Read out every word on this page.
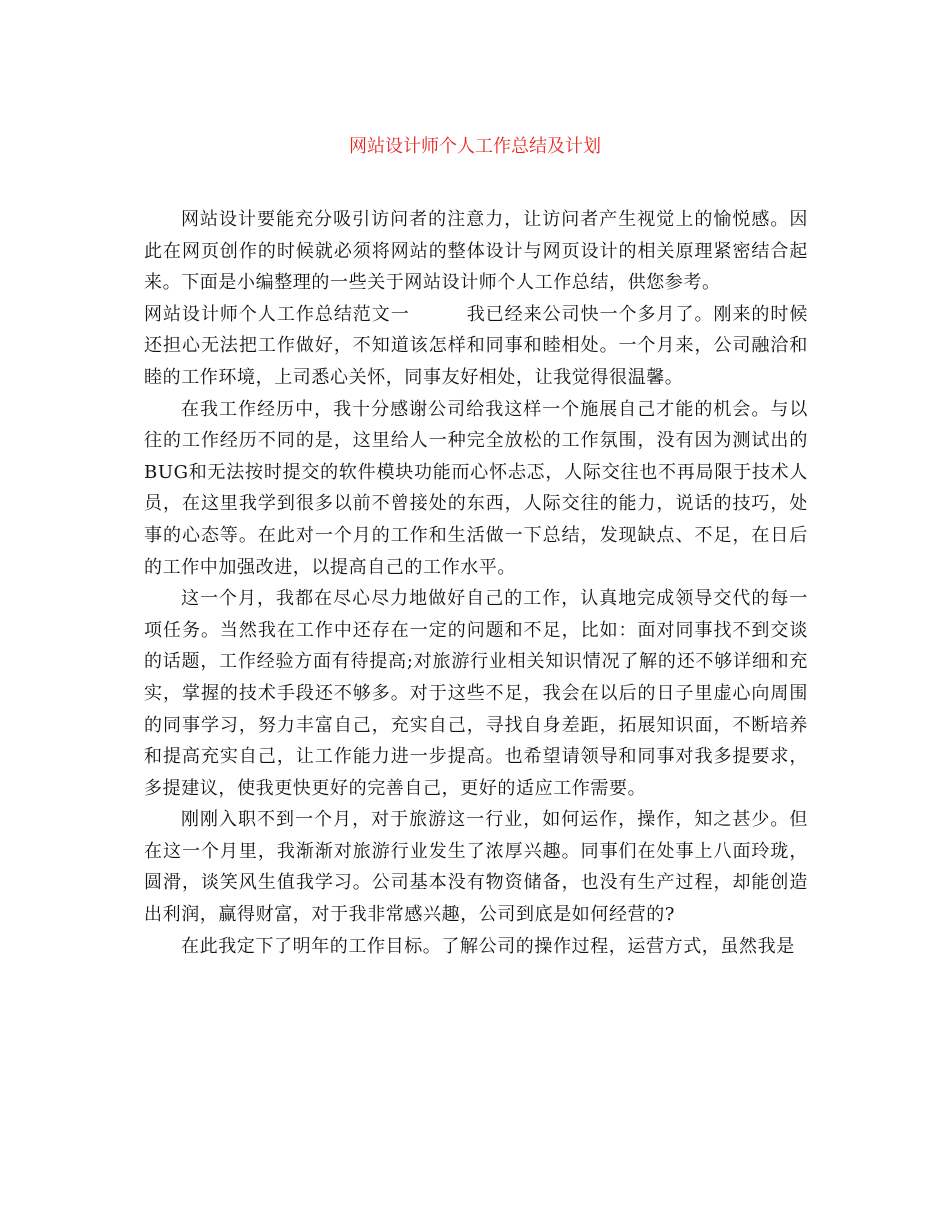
网站设计师个人工作总结及计划

网站设计要能充分吸引访问者的注意力，让访问者产生视觉上的愉悦感。因此在网页创作的时候就必须将网站的整体设计与网页设计的相关原理紧密结合起来。下面是小编整理的一些关于网站设计师个人工作总结，供您参考。

网站设计师个人工作总结范文一　　　我已经来公司快一个多月了。刚来的时候还担心无法把工作做好，不知道该怎样和同事和睦相处。一个月来，公司融洽和睦的工作环境，上司悉心关怀，同事友好相处，让我觉得很温馨。

在我工作经历中，我十分感谢公司给我这样一个施展自己才能的机会。与以往的工作经历不同的是，这里给人一种完全放松的工作氛围，没有因为测试出的BUG和无法按时提交的软件模块功能而心怀忐忑，人际交往也不再局限于技术人员，在这里我学到很多以前不曾接处的东西，人际交往的能力，说话的技巧，处事的心态等。在此对一个月的工作和生活做一下总结，发现缺点、不足，在日后的工作中加强改进，以提高自己的工作水平。

这一个月，我都在尽心尽力地做好自己的工作，认真地完成领导交代的每一项任务。当然我在工作中还存在一定的问题和不足，比如：面对同事找不到交谈的话题，工作经验方面有待提高;对旅游行业相关知识情况了解的还不够详细和充实，掌握的技术手段还不够多。对于这些不足，我会在以后的日子里虚心向周围的同事学习，努力丰富自己，充实自己，寻找自身差距，拓展知识面，不断培养和提高充实自己，让工作能力进一步提高。也希望请领导和同事对我多提要求，多提建议，使我更快更好的完善自己，更好的适应工作需要。

刚刚入职不到一个月，对于旅游这一行业，如何运作，操作，知之甚少。但在这一个月里，我渐渐对旅游行业发生了浓厚兴趣。同事们在处事上八面玲珑，圆滑，谈笑风生值我学习。公司基本没有物资储备，也没有生产过程，却能创造出利润，赢得财富，对于我非常感兴趣，公司到底是如何经营的?

在此我定下了明年的工作目标。了解公司的操作过程，运营方式，虽然我是
